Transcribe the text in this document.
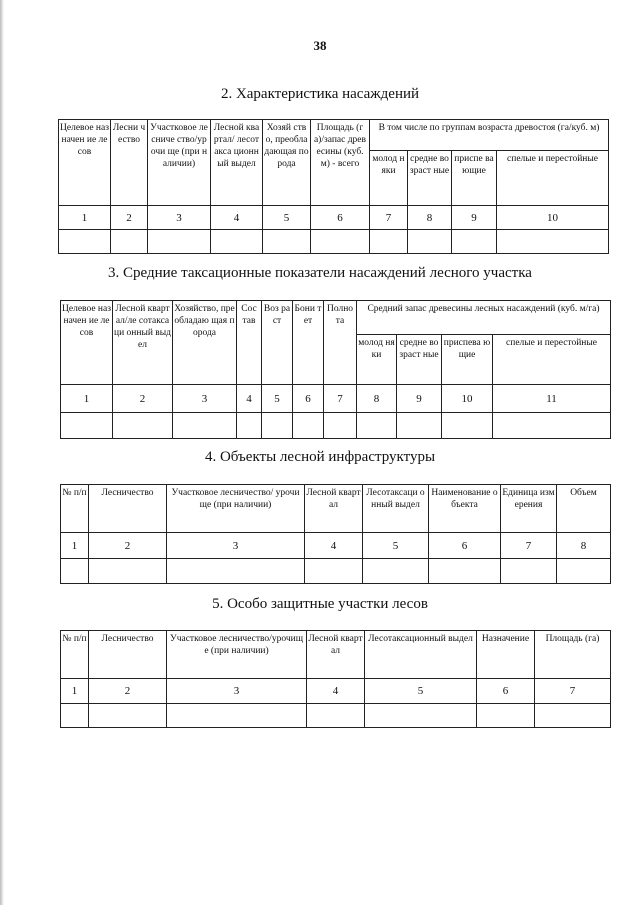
38
2. Характеристика насаждений
Целевое назначен ие лесов	Лесни чество	Участковое лесниче ство/урочи ще (при наличии)	Лесной квартал/ лесотакса ционный выдел	Хозяй ство, преобла дающая порода	Площадь (га)/запас древесины (куб. м) - всего	В том числе по группам возраста древостоя (га/куб. м)			
						молод няки	средне возраст ные	приспе вающие	спелые и перестойные
1	2	3	4	5	6	7	8	9	10

3. Средние таксационные показатели насаждений лесного участка
Целевое назначен ие лесов	Лесной квартал/ле сотаксаци онный выдел	Хозяйство, преобладаю щая порода	Сос тав	Воз раст	Бони тет	Полно та	Средний запас древесины лесных насаждений (куб. м/га)			
							молод няки	средне возраст ные	приспева ющие	спелые и перестойные
1	2	3	4	5	6	7	8	9	10	11

4. Объекты лесной инфраструктуры
№ п/п	Лесничество	Участковое лесничество/ урочище (при наличии)	Лесной квартал	Лесотаксаци онный выдел	Наименование объекта	Единица измерения	Объем
1	2	3	4	5	6	7	8

5. Особо защитные участки лесов
№ п/п	Лесничество	Участковое лесничество/урочище (при наличии)	Лесной квартал	Лесотаксационный выдел	Назначение	Площадь (га)
1	2	3	4	5	6	7
